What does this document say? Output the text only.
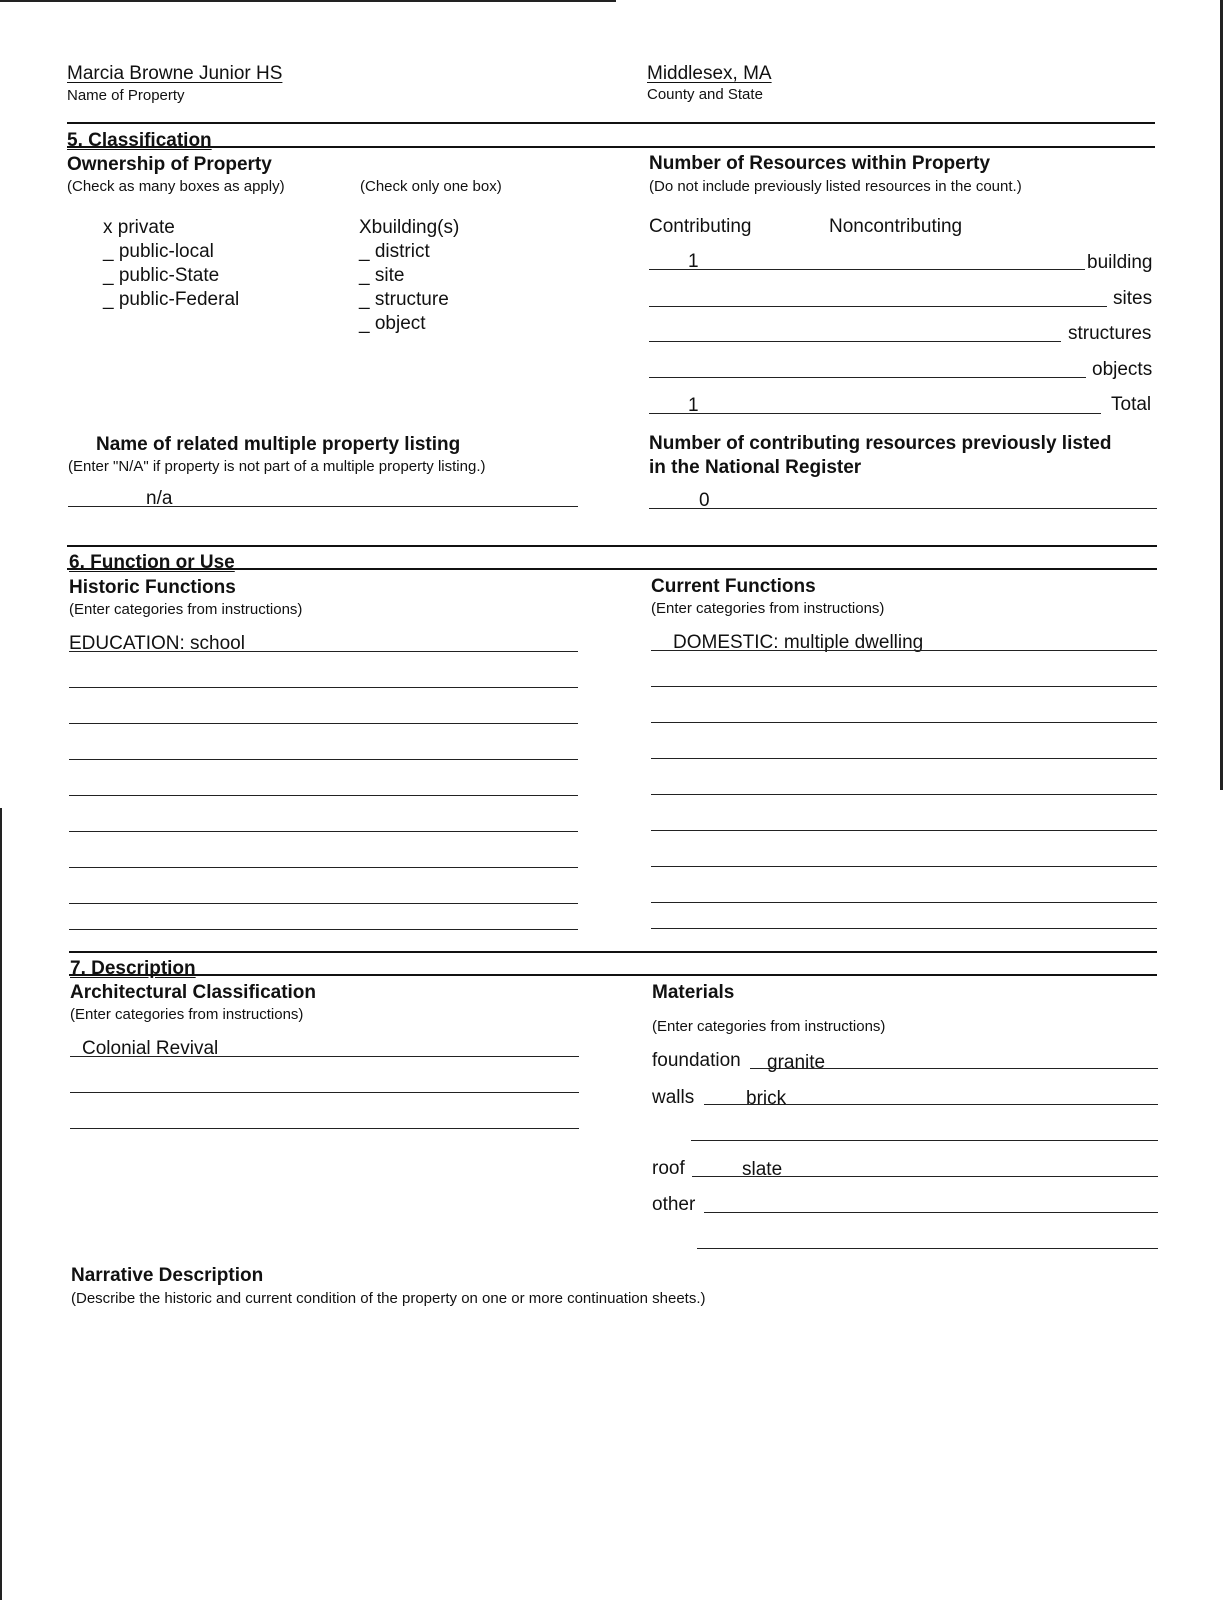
Marcia Browne Junior HS
Name of Property
Middlesex, MA
County and State
5. Classification
Ownership of Property
(Check as many boxes as apply)	(Check only one box)
x private
_ public-local
_ public-State
_ public-Federal
Xbuilding(s)
_ district
_ site
_ structure
_ object
Number of Resources within Property
(Do not include previously listed resources in the count.)
Contributing	Noncontributing
1	building
sites
structures
objects
1	Total
Name of related multiple property listing
(Enter "N/A" if property is not part of a multiple property listing.)
n/a
Number of contributing resources previously listed
in the National Register
0
6. Function or Use
Historic Functions
(Enter categories from instructions)
EDUCATION: school
Current Functions
(Enter categories from instructions)
DOMESTIC: multiple dwelling
7. Description
Architectural Classification
(Enter categories from instructions)
Colonial Revival
Materials
(Enter categories from instructions)
foundation granite
walls	brick
roof	slate
other
Narrative Description
(Describe the historic and current condition of the property on one or more continuation sheets.)
